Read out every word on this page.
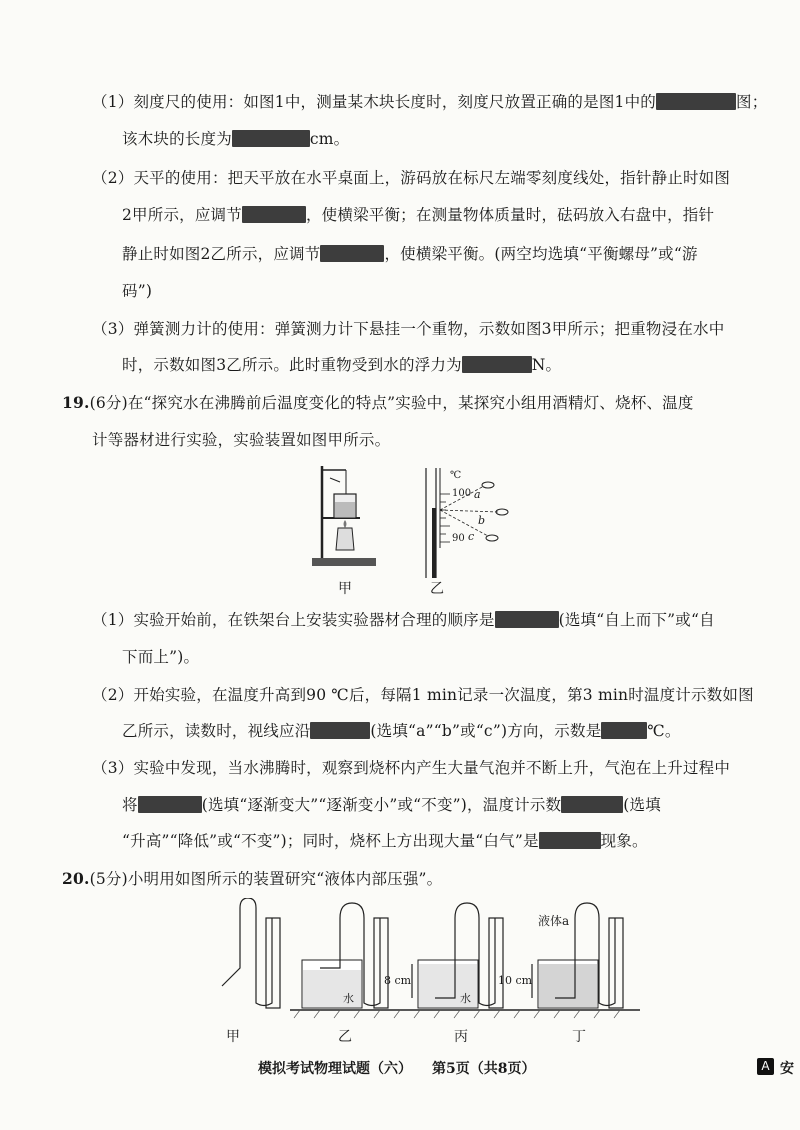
（1）刻度尺的使用：如图1中，测量某木块长度时，刻度尺放置正确的是图1中的	图；
该木块的长度为	cm。
（2）天平的使用：把天平放在水平桌面上，游码放在标尺左端零刻度线处，指针静止时如图
2甲所示，应调节	，使横梁平衡；在测量物体质量时，砝码放入右盘中，指针
静止时如图2乙所示，应调节	，使横梁平衡。(两空均选填“平衡螺母”或“游
码”)
（3）弹簧测力计的使用：弹簧测力计下悬挂一个重物，示数如图3甲所示；把重物浸在水中
时，示数如图3乙所示。此时重物受到水的浮力为	N。
19.(6分)在“探究水在沸腾前后温度变化的特点”实验中，某探究小组用酒精灯、烧杯、温度
计等器材进行实验，实验装置如图甲所示。
甲
℃
100
90
a
b
c
乙
（1）实验开始前，在铁架台上安装实验器材合理的顺序是	(选填“自上而下”或“自
下而上”)。
（2）开始实验，在温度升高到90 ℃后，每隔1 min记录一次温度，第3 min时温度计示数如图
乙所示，读数时，视线应沿	(选填“a”“b”或“c”)方向，示数是	℃。
（3）实验中发现，当水沸腾时，观察到烧杯内产生大量气泡并不断上升，气泡在上升过程中
将	(选填“逐渐变大”“逐渐变小”或“不变”)，温度计示数	(选填
“升高”“降低”或“不变”)；同时，烧杯上方出现大量“白气”是	现象。
20.(5分)小明用如图所示的装置研究“液体内部压强”。
液体a
水	水
8 cm	10 cm
甲	乙	丙	丁
模拟考试物理试题（六） 第5页（共8页）	A 安
